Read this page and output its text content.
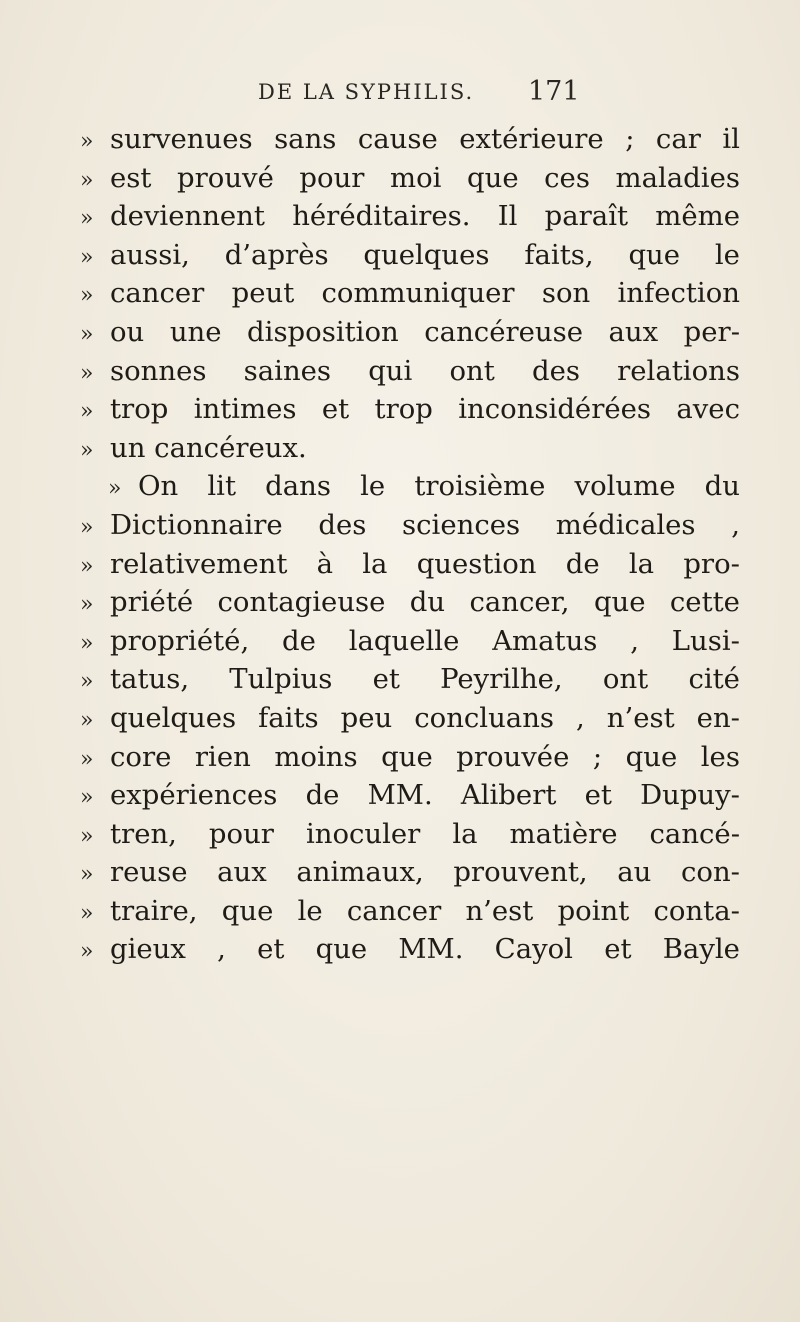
DE LA SYPHILIS. 171
» survenues sans cause extérieure ; car il
» est prouvé pour moi que ces maladies
» deviennent héréditaires. Il paraît même
» aussi, d’après quelques faits, que le
» cancer peut communiquer son infection
» ou une disposition cancéreuse aux per-
» sonnes saines qui ont des relations
» trop intimes et trop inconsidérées avec
» un cancéreux.
» On lit dans le troisième volume du
» Dictionnaire des sciences médicales ,
» relativement à la question de la pro-
» priété contagieuse du cancer, que cette
» propriété, de laquelle Amatus , Lusi-
» tatus, Tulpius et Peyrilhe, ont cité
» quelques faits peu concluans , n’est en-
» core rien moins que prouvée ; que les
» expériences de MM. Alibert et Dupuy-
» tren, pour inoculer la matière cancé-
» reuse aux animaux, prouvent, au con-
» traire, que le cancer n’est point conta-
» gieux , et que MM. Cayol et Bayle
